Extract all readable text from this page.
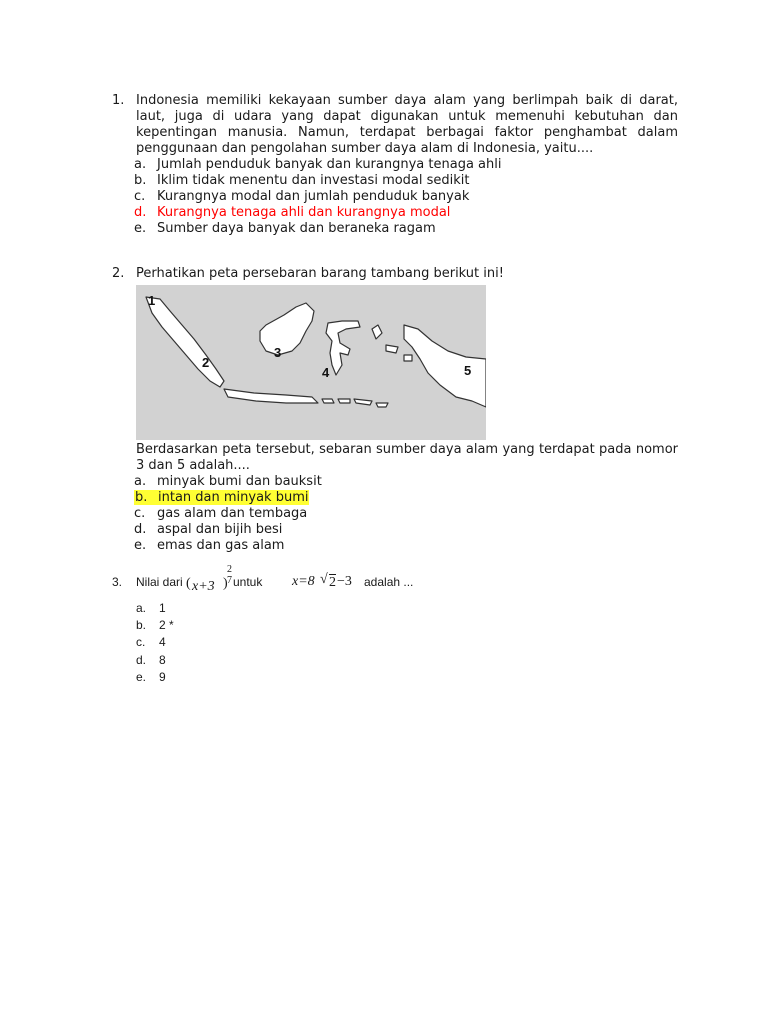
1. Indonesia memiliki kekayaan sumber daya alam yang berlimpah baik di darat, laut, juga di udara yang dapat digunakan untuk memenuhi kebutuhan dan kepentingan manusia. Namun, terdapat berbagai faktor penghambat dalam penggunaan dan pengolahan sumber daya alam di Indonesia, yaitu....
a. Jumlah penduduk banyak dan kurangnya tenaga ahli
b. Iklim tidak menentu dan investasi modal sedikit
c. Kurangnya modal dan jumlah penduduk banyak
d. Kurangnya tenaga ahli dan kurangnya modal
e. Sumber daya banyak dan beraneka ragam
2. Perhatikan peta persebaran barang tambang berikut ini!
1
2
3
4	5
Berdasarkan peta tersebut, sebaran sumber daya alam yang terdapat pada nomor 3 dan 5 adalah....
a. minyak bumi dan bauksit
b. intan dan minyak bumi
c. gas alam dan tembaga
d. aspal dan bijih besi
e. emas dan gas alam
3. Nilai dari ( x+3 )
2
7 untuk x=8 √ 2 −3 adalah ...
a. 1
b. 2 *
c. 4
d. 8
e. 9
